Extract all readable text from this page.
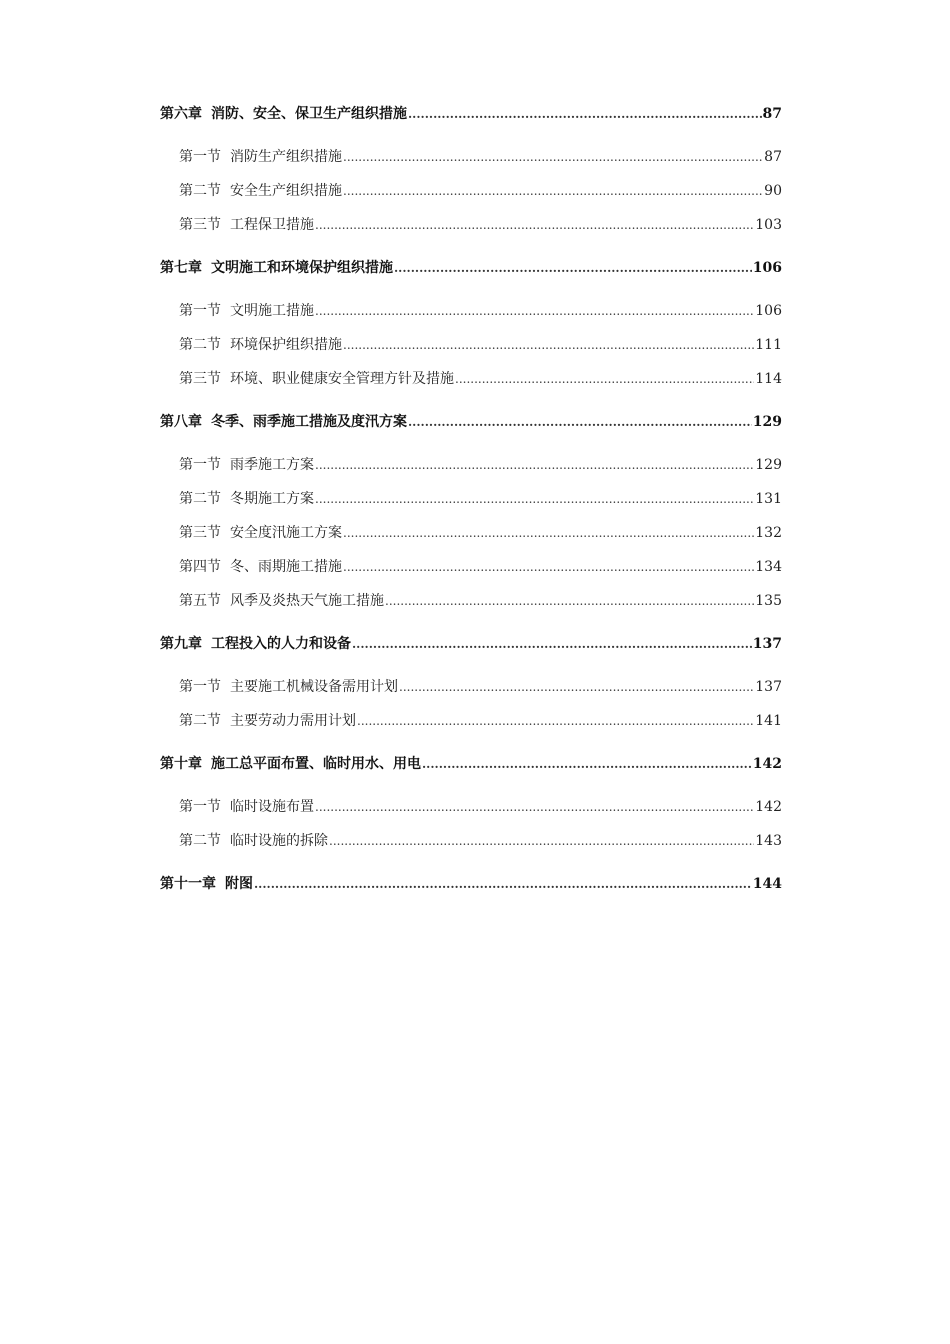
第六章 消防、安全、保卫生产组织措施 .....	87
第一节 消防生产组织措施 .....	87
第二节 安全生产组织措施 .....	90
第三节 工程保卫措施 .....	103
第七章 文明施工和环境保护组织措施 .....	106
第一节 文明施工措施 .....	106
第二节 环境保护组织措施 .....	111
第三节 环境、职业健康安全管理方针及措施 .....	114
第八章 冬季、雨季施工措施及度汛方案 .....	129
第一节 雨季施工方案 .....	129
第二节 冬期施工方案 .....	131
第三节 安全度汛施工方案 .....	132
第四节 冬、雨期施工措施 .....	134
第五节 风季及炎热天气施工措施 .....	135
第九章 工程投入的人力和设备 .....	137
第一节 主要施工机械设备需用计划 .....	137
第二节 主要劳动力需用计划 .....	141
第十章 施工总平面布置、临时用水、用电 .....	142
第一节 临时设施布置 .....	142
第二节 临时设施的拆除 .....	143
第十一章 附图 .....	144
